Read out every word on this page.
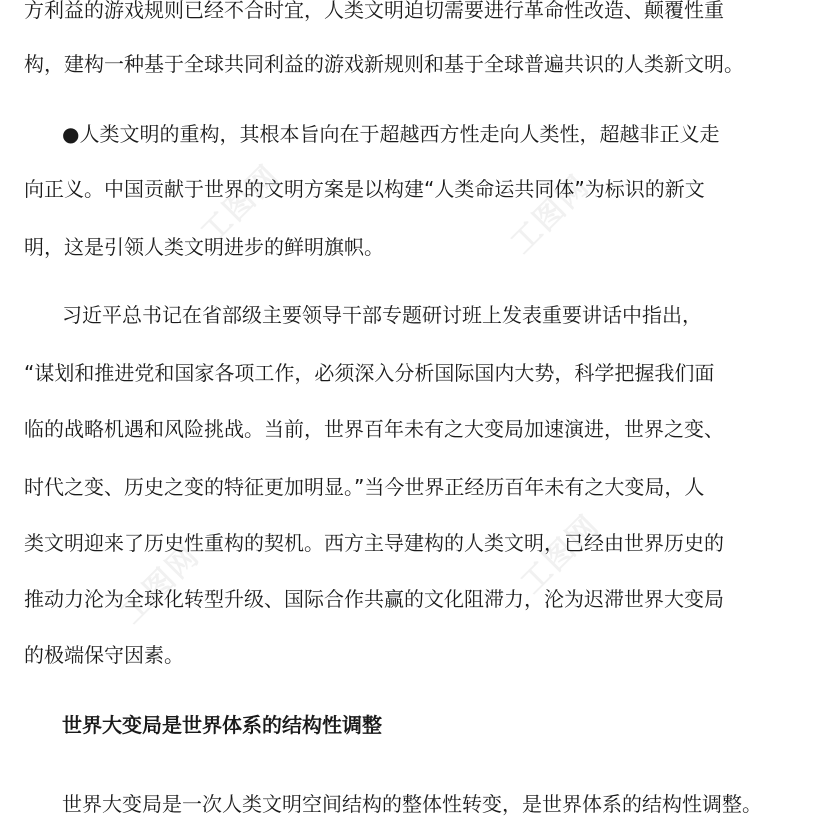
工图网	工图网
工图网	工图网
方利益的游戏规则已经不合时宜，人类文明迫切需要进行革命性改造、颠覆性重
构，建构一种基于全球共同利益的游戏新规则和基于全球普遍共识的人类新文明。
●人类文明的重构，其根本旨向在于超越西方性走向人类性，超越非正义走
向正义。中国贡献于世界的文明方案是以构建“人类命运共同体”为标识的新文
明，这是引领人类文明进步的鲜明旗帜。
习近平总书记在省部级主要领导干部专题研讨班上发表重要讲话中指出，
“谋划和推进党和国家各项工作，必须深入分析国际国内大势，科学把握我们面
临的战略机遇和风险挑战。当前，世界百年未有之大变局加速演进，世界之变、
时代之变、历史之变的特征更加明显。”当今世界正经历百年未有之大变局，人
类文明迎来了历史性重构的契机。西方主导建构的人类文明，已经由世界历史的
推动力沦为全球化转型升级、国际合作共赢的文化阻滞力，沦为迟滞世界大变局
的极端保守因素。
世界大变局是世界体系的结构性调整
世界大变局是一次人类文明空间结构的整体性转变，是世界体系的结构性调整。
